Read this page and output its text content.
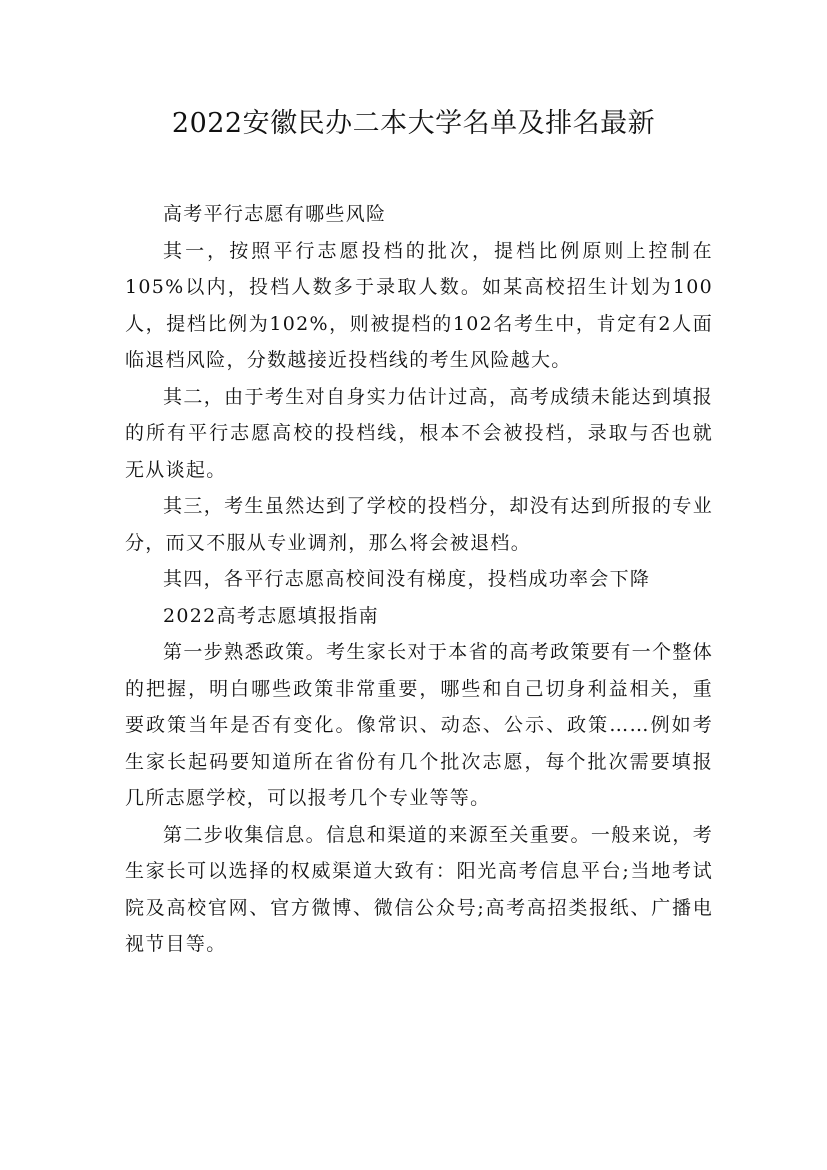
2022安徽民办二本大学名单及排名最新

高考平行志愿有哪些风险

其一，按照平行志愿投档的批次，提档比例原则上控制在105%以内，投档人数多于录取人数。如某高校招生计划为100人，提档比例为102%，则被提档的102名考生中，肯定有2人面临退档风险，分数越接近投档线的考生风险越大。

其二，由于考生对自身实力估计过高，高考成绩未能达到填报的所有平行志愿高校的投档线，根本不会被投档，录取与否也就无从谈起。

其三，考生虽然达到了学校的投档分，却没有达到所报的专业分，而又不服从专业调剂，那么将会被退档。

其四，各平行志愿高校间没有梯度，投档成功率会下降

2022高考志愿填报指南

第一步熟悉政策。考生家长对于本省的高考政策要有一个整体的把握，明白哪些政策非常重要，哪些和自己切身利益相关，重要政策当年是否有变化。像常识、动态、公示、政策……例如考生家长起码要知道所在省份有几个批次志愿，每个批次需要填报几所志愿学校，可以报考几个专业等等。

第二步收集信息。信息和渠道的来源至关重要。一般来说，考生家长可以选择的权威渠道大致有：阳光高考信息平台;当地考试院及高校官网、官方微博、微信公众号;高考高招类报纸、广播电视节目等。
